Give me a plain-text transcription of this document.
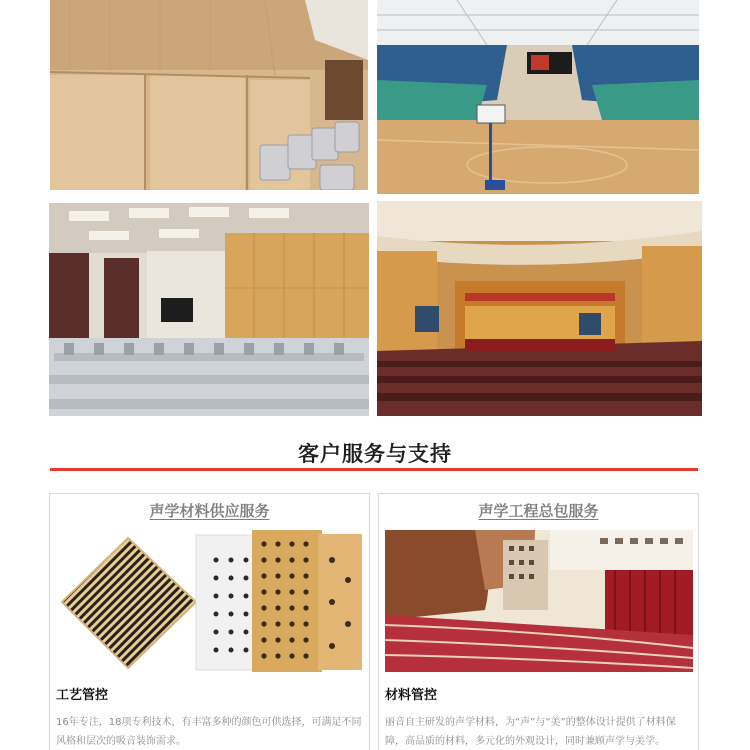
客户服务与支持
声学材料供应服务
工艺管控
16年专注，18项专利技术，有丰富多种的颜色可供选择，可满足不同风格和层次的吸音装饰需求。
声学工程总包服务
材料管控
丽音自主研发的声学材料，为“声”与“美”的整体设计提供了材料保障，高品质的材料，多元化的外观设计，同时兼顾声学与美学。
